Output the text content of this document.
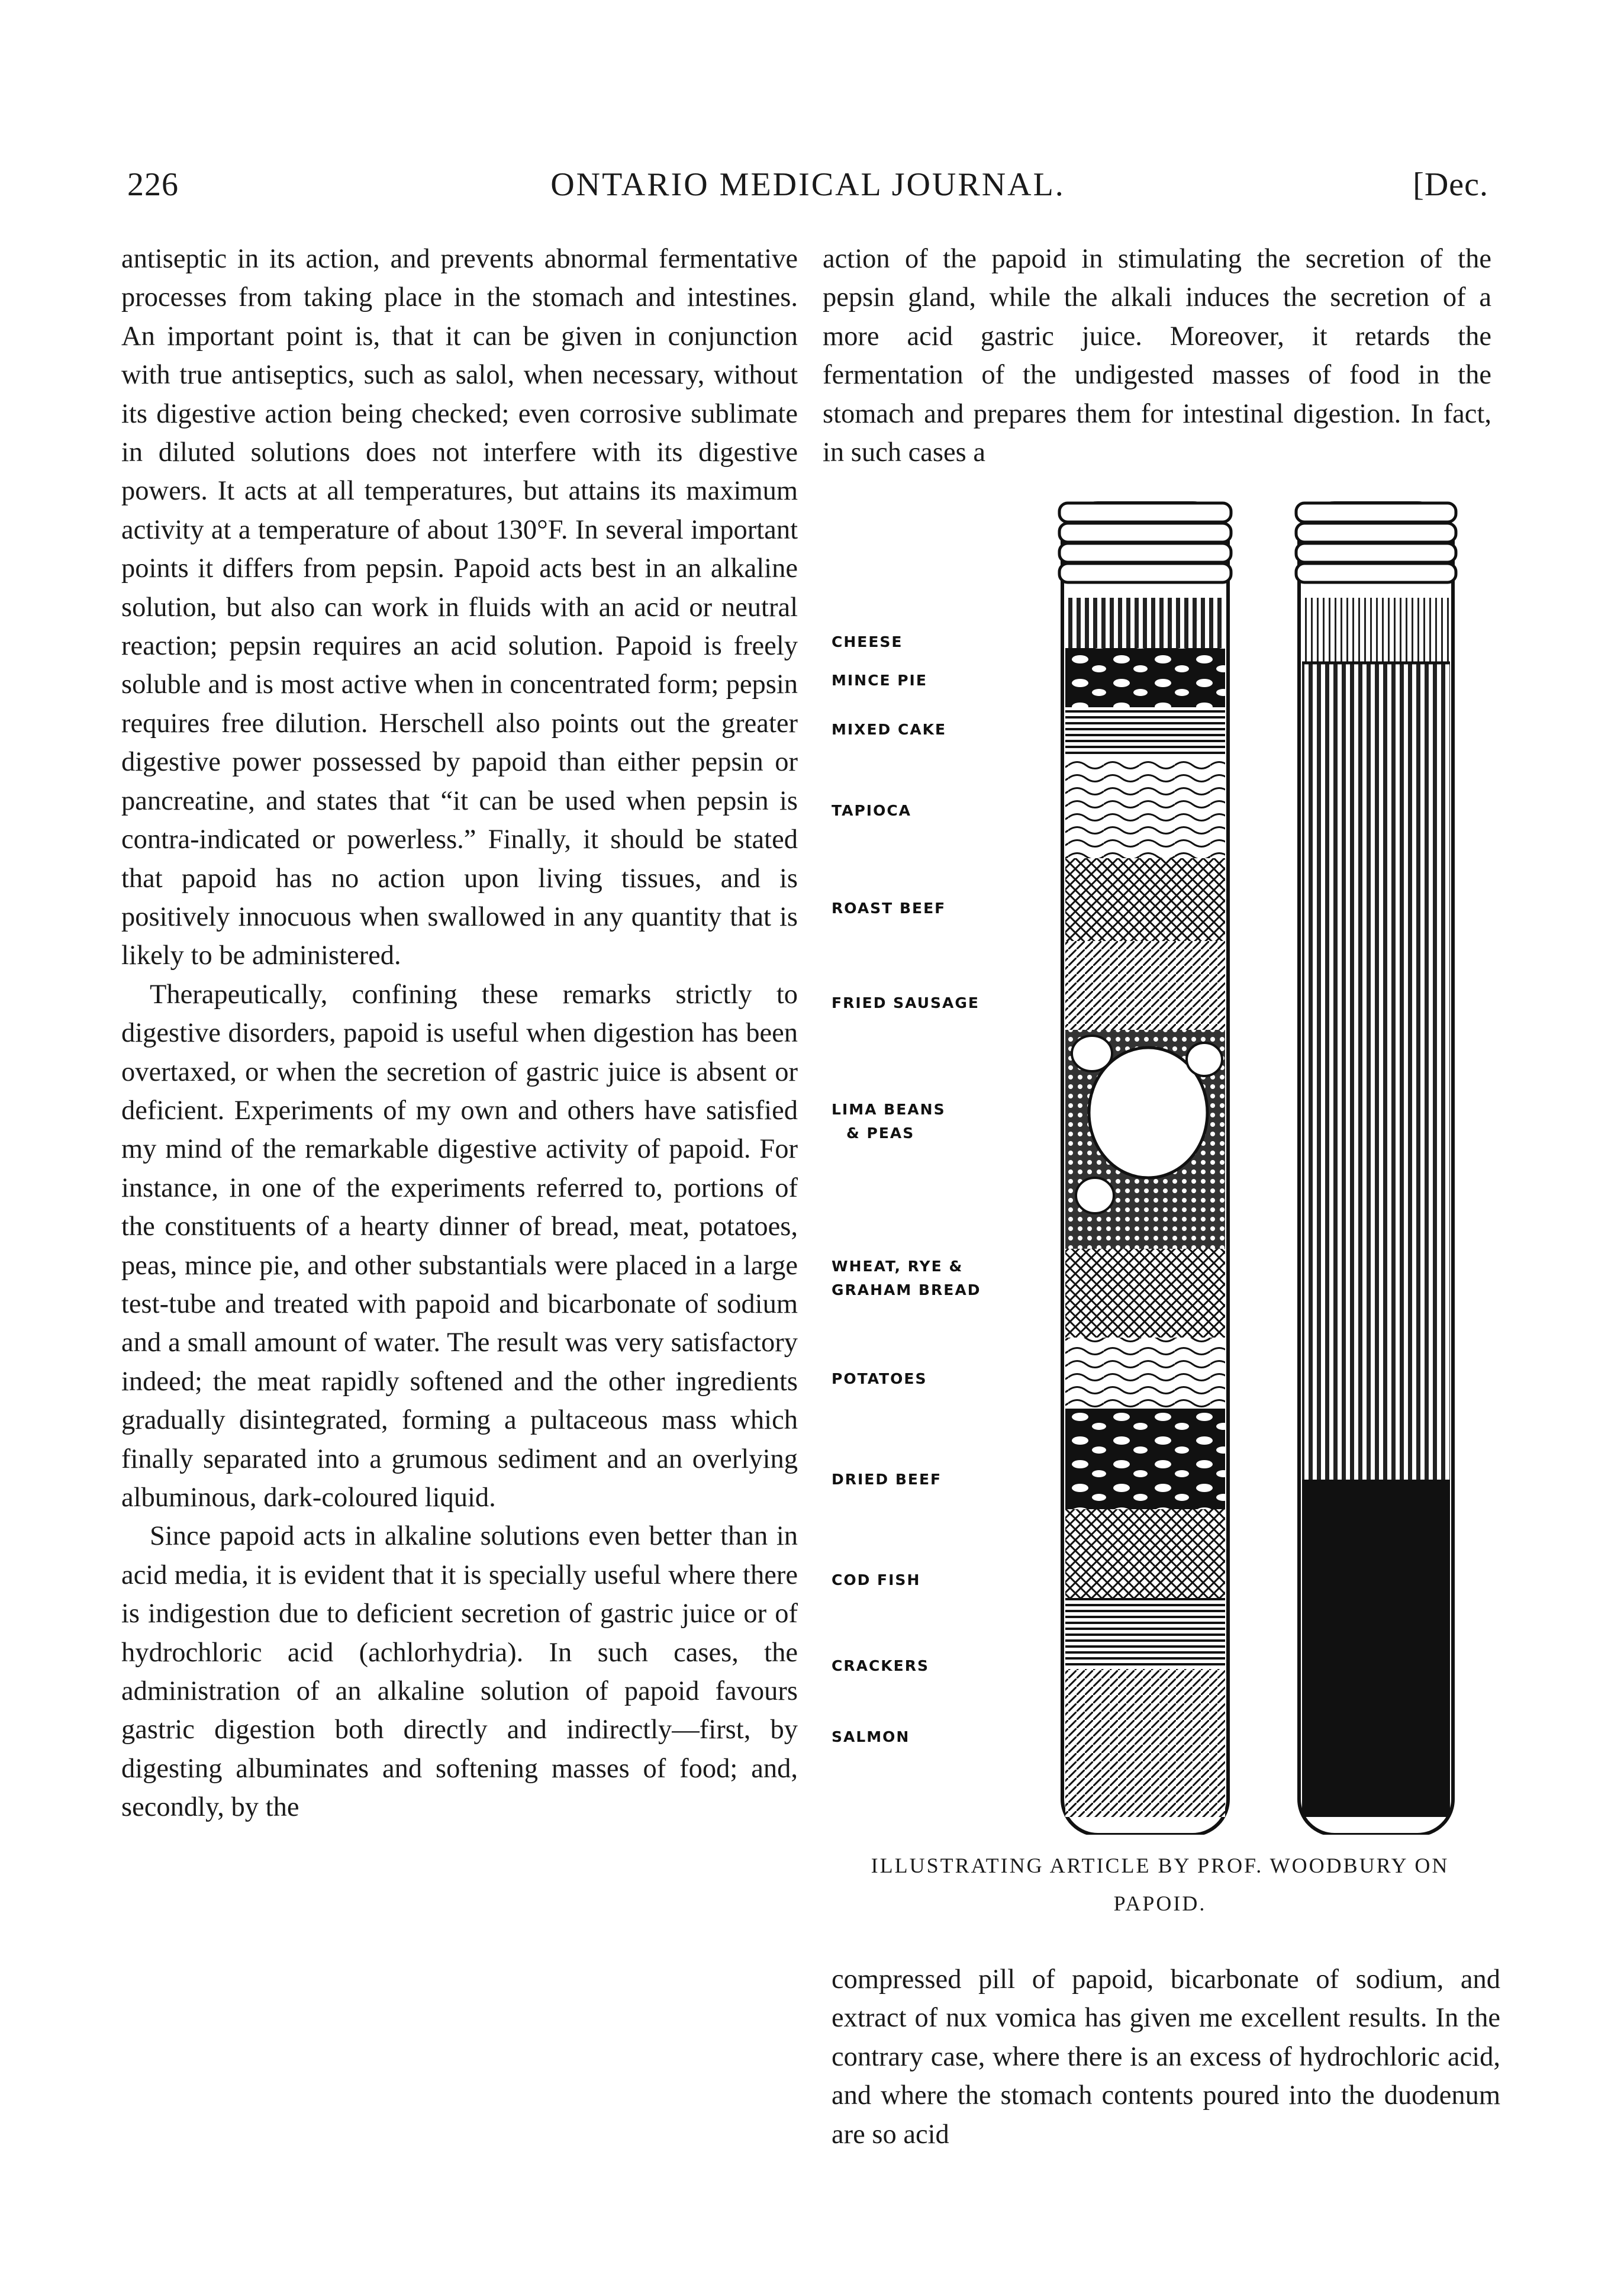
226	ONTARIO MEDICAL JOURNAL.	[Dec.

antiseptic in its action, and prevents abnormal fermentative processes from taking place in the stomach and intestines. An important point is, that it can be given in conjunction with true antiseptics, such as salol, when necessary, without its digestive action being checked; even corrosive sublimate in diluted solutions does not interfere with its digestive powers. It acts at all temperatures, but attains its maximum activity at a temperature of about 130°F. In several important points it differs from pepsin. Papoid acts best in an alkaline solution, but also can work in fluids with an acid or neutral reaction; pepsin requires an acid solution. Papoid is freely soluble and is most active when in concentrated form; pepsin requires free dilution. Herschell also points out the greater digestive power possessed by papoid than either pepsin or pancreatine, and states that “it can be used when pepsin is contra-indicated or powerless.” Finally, it should be stated that papoid has no action upon living tissues, and is positively innocuous when swallowed in any quantity that is likely to be administered.

Therapeutically, confining these remarks strictly to digestive disorders, papoid is useful when digestion has been overtaxed, or when the secretion of gastric juice is absent or deficient. Experiments of my own and others have satisfied my mind of the remarkable digestive activity of papoid. For instance, in one of the experiments referred to, portions of the constituents of a hearty dinner of bread, meat, potatoes, peas, mince pie, and other substantials were placed in a large test-tube and treated with papoid and bicarbonate of sodium and a small amount of water. The result was very satisfactory indeed; the meat rapidly softened and the other ingredients gradually disintegrated, forming a pultaceous mass which finally separated into a grumous sediment and an overlying albuminous, dark-coloured liquid.

Since papoid acts in alkaline solutions even better than in acid media, it is evident that it is specially useful where there is indigestion due to deficient secretion of gastric juice or of hydrochloric acid (achlorhydria). In such cases, the administration of an alkaline solution of papoid favours gastric digestion both directly and indirectly—first, by digesting albuminates and softening masses of food; and, secondly, by the

action of the papoid in stimulating the secretion of the pepsin gland, while the alkali induces the secretion of a more acid gastric juice. Moreover, it retards the fermentation of the undigested masses of food in the stomach and prepares them for intestinal digestion. In fact, in such cases a

CHEESE
MINCE PIE
MIXED CAKE
TAPIOCA
ROAST BEEF
FRIED SAUSAGE
LIMA BEANS
& PEAS
WHEAT, RYE &
GRAHAM BREAD
POTATOES
DRIED BEEF
COD FISH
CRACKERS
SALMON
ILLUSTRATING ARTICLE BY PROF. WOODBURY ON
PAPOID.

compressed pill of papoid, bicarbonate of sodium, and extract of nux vomica has given me excellent results. In the contrary case, where there is an excess of hydrochloric acid, and where the stomach contents poured into the duodenum are so acid
